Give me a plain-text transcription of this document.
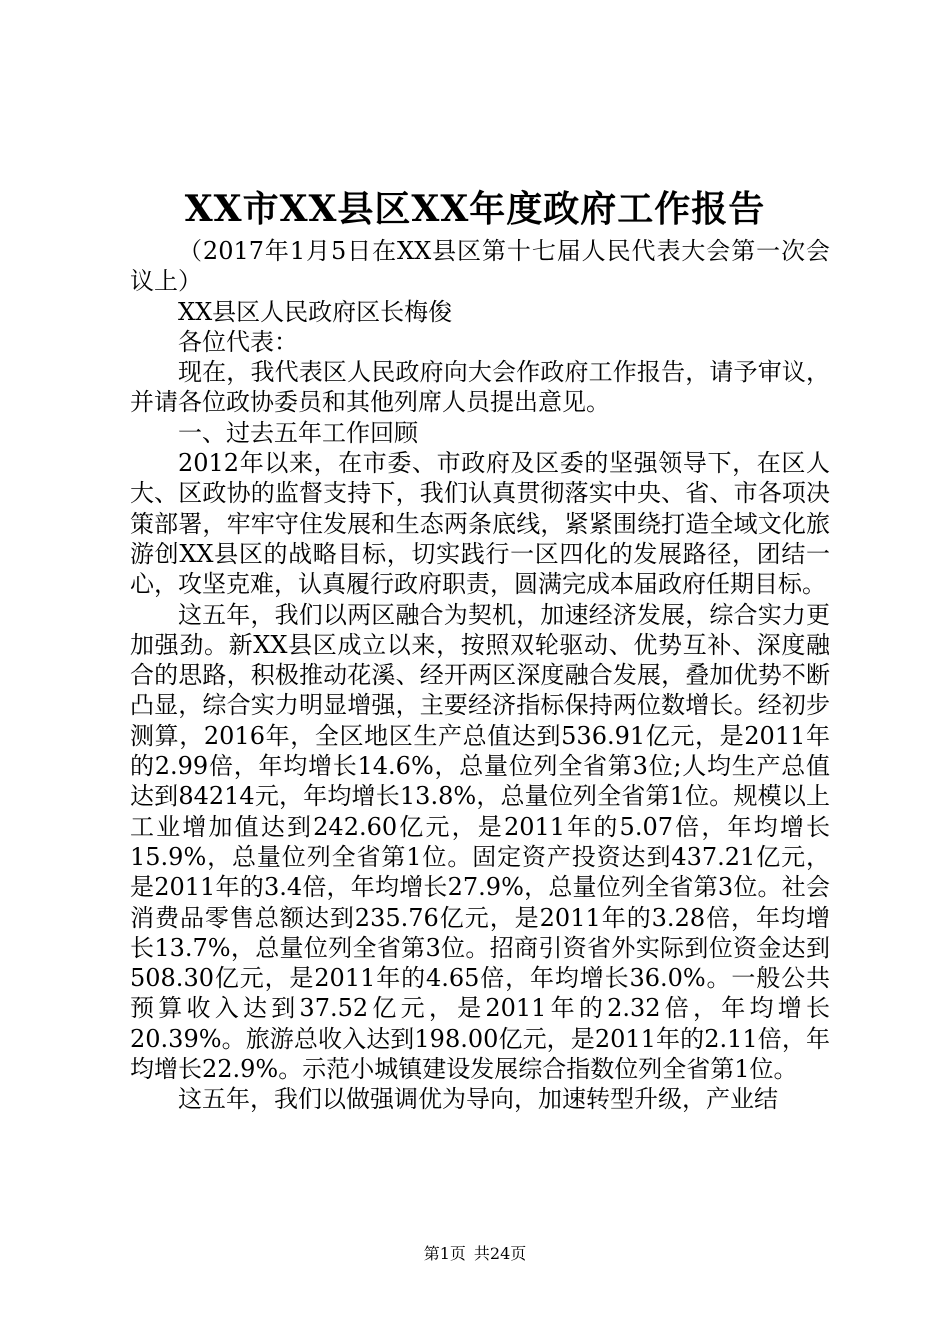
XX市XX县区XX年度政府工作报告

（2017年1月5日在XX县区第十七届人民代表大会第一次会议上）

XX县区人民政府区长梅俊

各位代表：

现在，我代表区人民政府向大会作政府工作报告，请予审议，并请各位政协委员和其他列席人员提出意见。

一、过去五年工作回顾

2012年以来，在市委、市政府及区委的坚强领导下，在区人大、区政协的监督支持下，我们认真贯彻落实中央、省、市各项决策部署，牢牢守住发展和生态两条底线，紧紧围绕打造全域文化旅游创XX县区的战略目标，切实践行一区四化的发展路径，团结一心，攻坚克难，认真履行政府职责，圆满完成本届政府任期目标。

这五年，我们以两区融合为契机，加速经济发展，综合实力更加强劲。新XX县区成立以来，按照双轮驱动、优势互补、深度融合的思路，积极推动花溪、经开两区深度融合发展，叠加优势不断凸显，综合实力明显增强，主要经济指标保持两位数增长。经初步测算，2016年，全区地区生产总值达到536.91亿元，是2011年的2.99倍，年均增长14.6%，总量位列全省第3位;人均生产总值达到84214元，年均增长13.8%，总量位列全省第1位。规模以上工业增加值达到242.60亿元，是2011年的5.07倍，年均增长15.9%，总量位列全省第1位。固定资产投资达到437.21亿元，是2011年的3.4倍，年均增长27.9%，总量位列全省第3位。社会消费品零售总额达到235.76亿元，是2011年的3.28倍，年均增长13.7%，总量位列全省第3位。招商引资省外实际到位资金达到508.30亿元，是2011年的4.65倍，年均增长36.0%。一般公共预算收入达到37.52亿元，是2011年的2.32倍，年均增长20.39%。旅游总收入达到198.00亿元，是2011年的2.11倍，年均增长22.9%。示范小城镇建设发展综合指数位列全省第1位。

这五年，我们以做强调优为导向，加速转型升级，产业结

第1页 共24页
